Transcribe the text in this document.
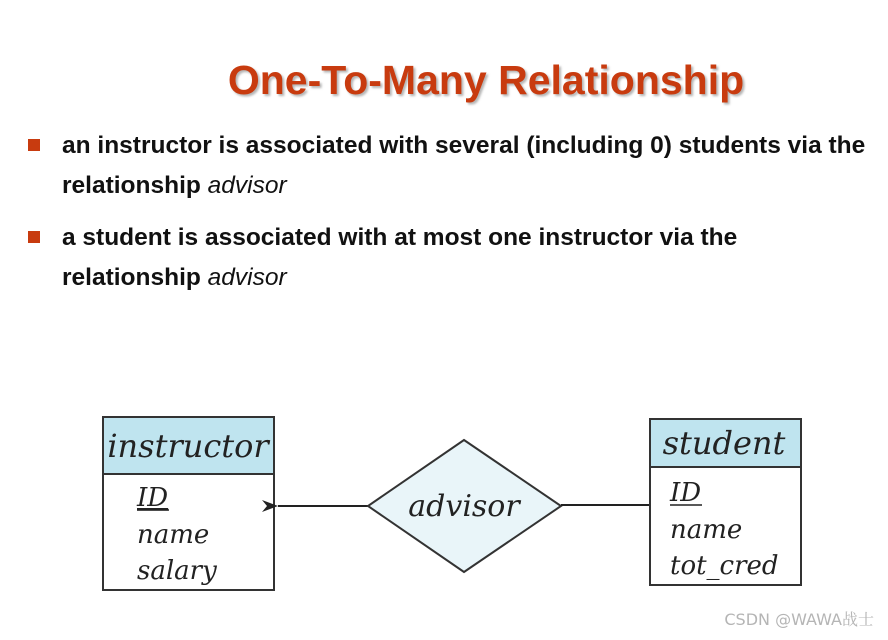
One-To-Many Relationship
an instructor is associated with several (including 0) students via the relationship advisor
a student is associated with at most one instructor via the relationship advisor
instructor
ID
name
salary
advisor
student
ID
name
tot_cred
CSDN @WAWA战士
